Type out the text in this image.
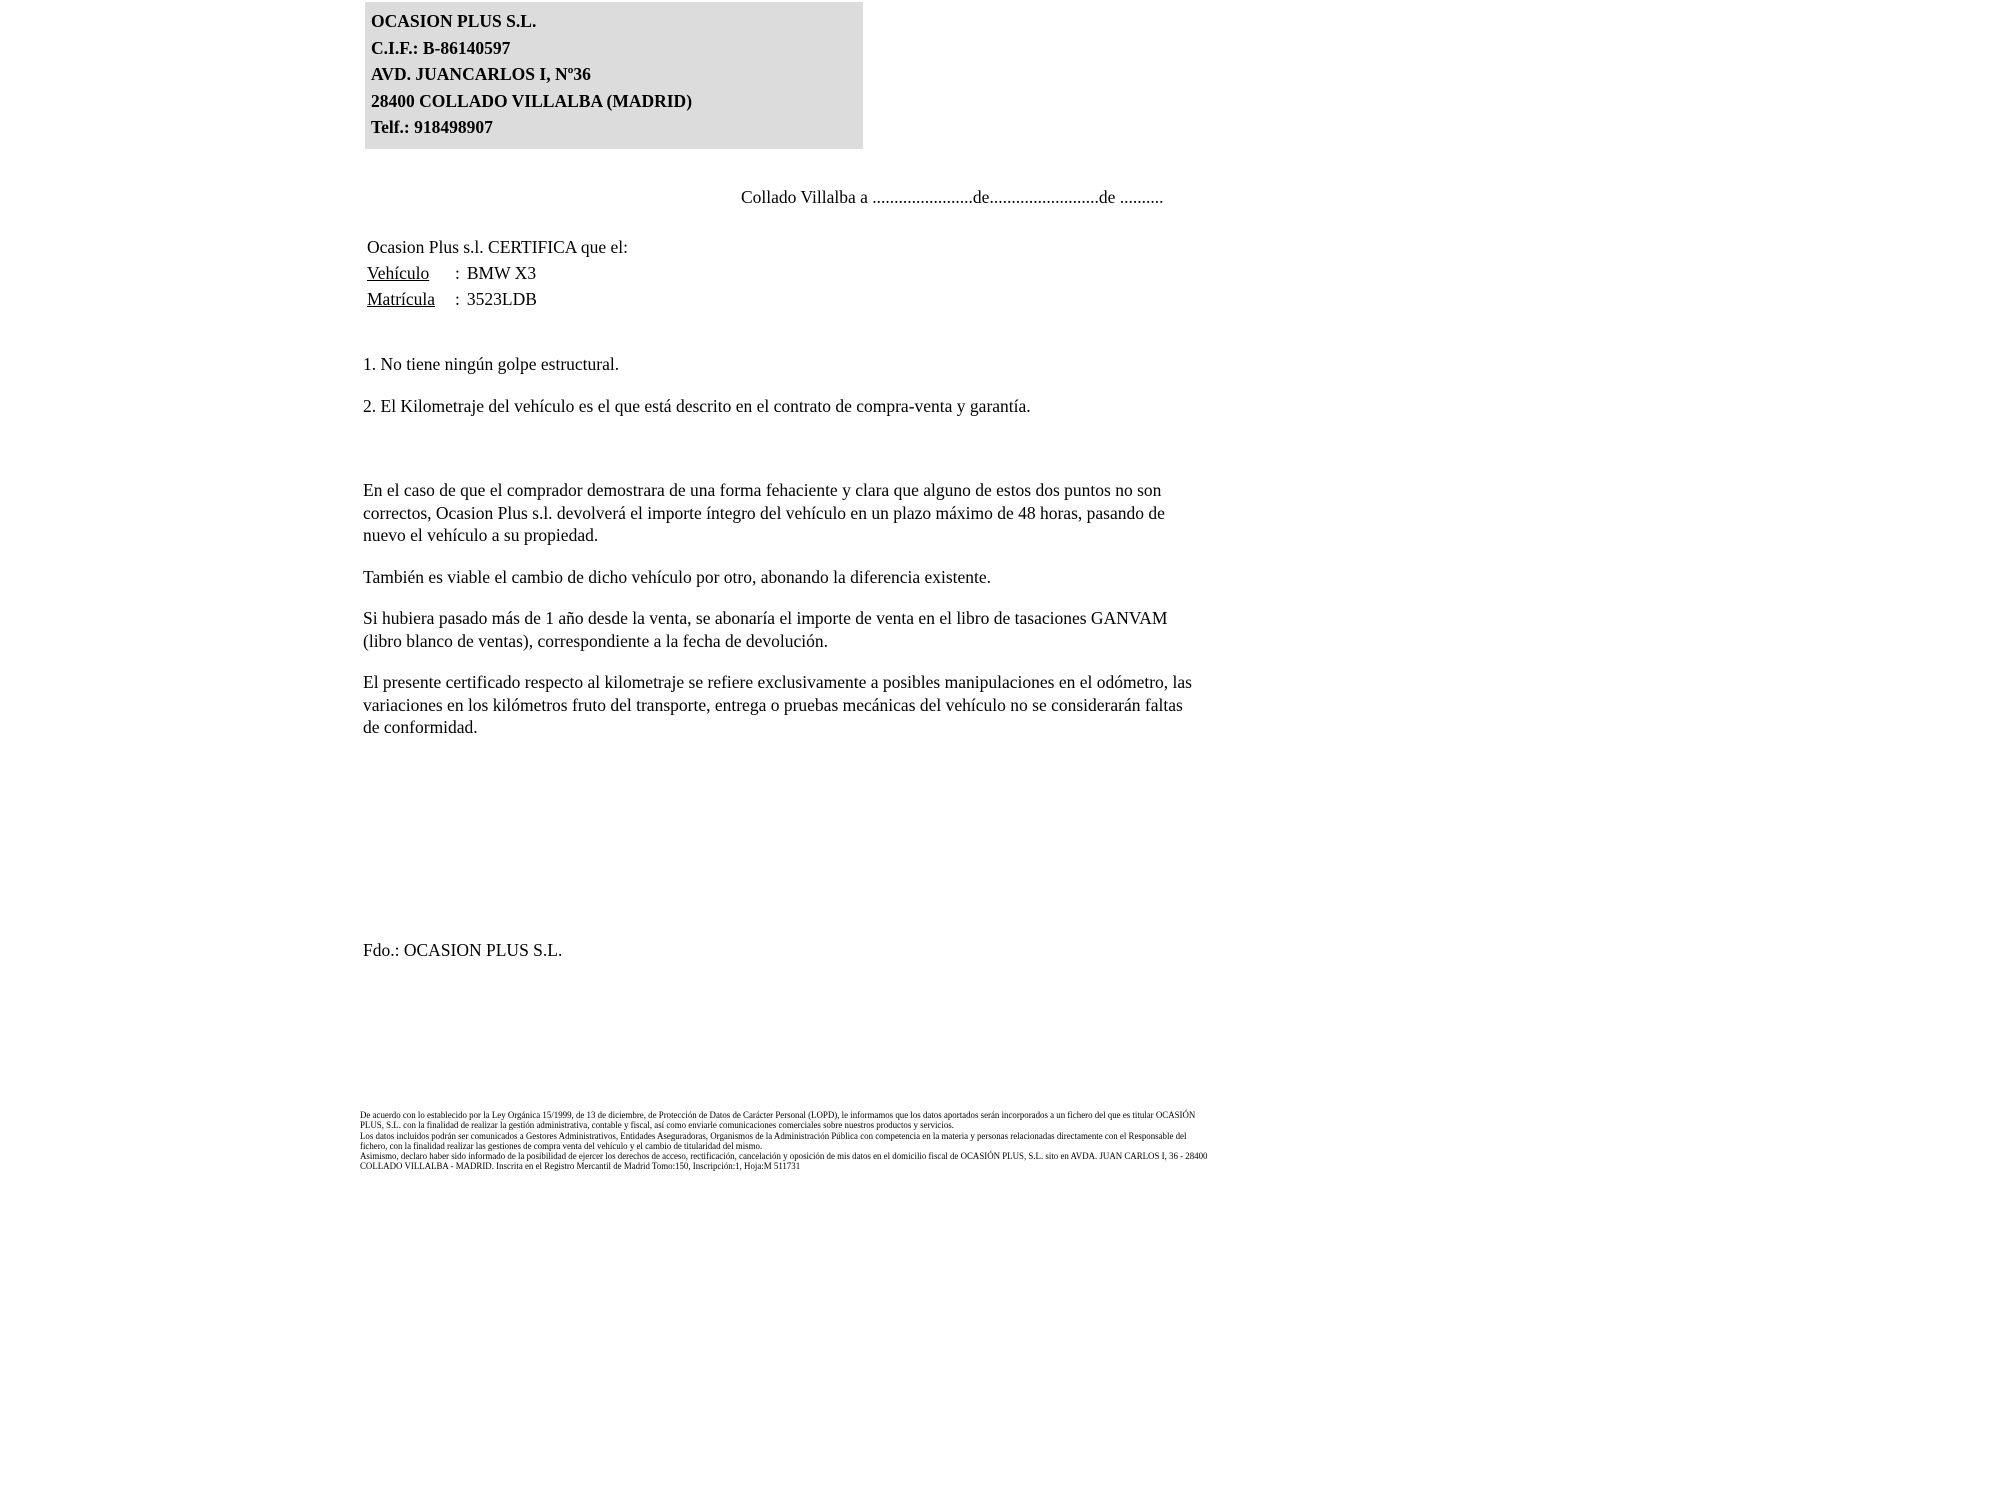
OCASION PLUS S.L.
C.I.F.: B-86140597
AVD. JUANCARLOS I, Nº36
28400 COLLADO VILLALBA (MADRID)
Telf.: 918498907
Collado Villalba a .......................de.........................de ..........
Ocasion Plus s.l. CERTIFICA que el:
Vehículo	: BMW X3
Matrícula	: 3523LDB

1. No tiene ningún golpe estructural.

2. El Kilometraje del vehículo es el que está descrito en el contrato de compra-venta y garantía.

En el caso de que el comprador demostrara de una forma fehaciente y clara que alguno de estos dos puntos no son correctos, Ocasion Plus s.l. devolverá el importe íntegro del vehículo en un plazo máximo de 48 horas, pasando de nuevo el vehículo a su propiedad.

También es viable el cambio de dicho vehículo por otro, abonando la diferencia existente.

Si hubiera pasado más de 1 año desde la venta, se abonaría el importe de venta en el libro de tasaciones GANVAM (libro blanco de ventas), correspondiente a la fecha de devolución.

El presente certificado respecto al kilometraje se refiere exclusivamente a posibles manipulaciones en el odómetro, las variaciones en los kilómetros fruto del transporte, entrega o pruebas mecánicas del vehículo no se considerarán faltas de conformidad.

Fdo.: OCASION PLUS S.L.

De acuerdo con lo establecido por la Ley Orgánica 15/1999, de 13 de diciembre, de Protección de Datos de Carácter Personal (LOPD), le informamos que los datos aportados serán incorporados a un fichero del que es titular OCASIÓN PLUS, S.L. con la finalidad de realizar la gestión administrativa, contable y fiscal, así como enviarle comunicaciones comerciales sobre nuestros productos y servicios.

Los datos incluidos podrán ser comunicados a Gestores Administrativos, Entidades Aseguradoras, Organismos de la Administración Pública con competencia en la materia y personas relacionadas directamente con el Responsable del fichero, con la finalidad realizar las gestiones de compra venta del vehículo y el cambio de titularidad del mismo.

Asimismo, declaro haber sido informado de la posibilidad de ejercer los derechos de acceso, rectificación, cancelación y oposición de mis datos en el domicilio fiscal de OCASIÓN PLUS, S.L. sito en AVDA. JUAN CARLOS I, 36 - 28400 COLLADO VILLALBA - MADRID. Inscrita en el Registro Mercantil de Madrid Tomo:150, Inscripción:1, Hoja:M 511731
